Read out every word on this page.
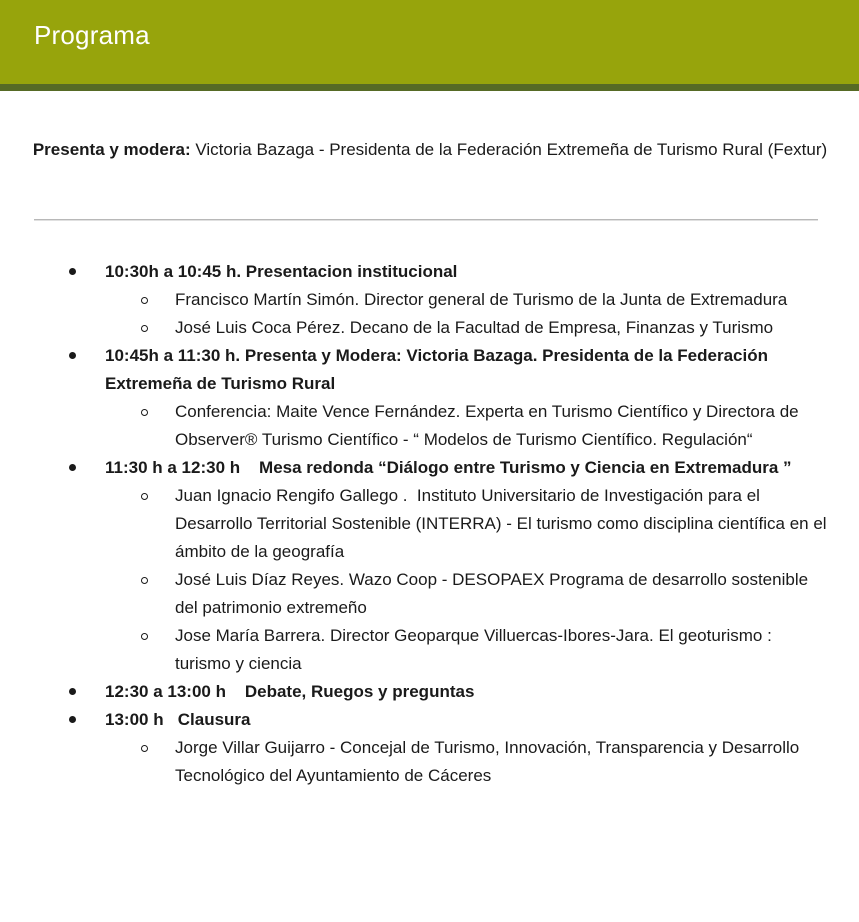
Programa
Presenta y modera: Victoria Bazaga - Presidenta de la Federación Extremeña de Turismo Rural (Fextur)
10:30h a 10:45 h. Presentacion institucional
Francisco Martín Simón. Director general de Turismo de la Junta de Extremadura
José Luis Coca Pérez. Decano de la Facultad de Empresa, Finanzas y Turismo
10:45h a 11:30 h. Presenta y Modera: Victoria Bazaga. Presidenta de la Federación Extremeña de Turismo Rural
Conferencia: Maite Vence Fernández. Experta en Turismo Científico y Directora de Observer® Turismo Científico - “ Modelos de Turismo Científico. Regulación“
11:30 h a 12:30 h    Mesa redonda “Diálogo entre Turismo y Ciencia en Extremadura ”
Juan Ignacio Rengifo Gallego .  Instituto Universitario de Investigación para el Desarrollo Territorial Sostenible (INTERRA) - El turismo como disciplina científica en el ámbito de la geografía
José Luis Díaz Reyes. Wazo Coop - DESOPAEX Programa de desarrollo sostenible del patrimonio extremeño
Jose María Barrera. Director Geoparque Villuercas-Ibores-Jara. El geoturismo : turismo y ciencia
12:30 a 13:00 h    Debate, Ruegos y preguntas
13:00 h   Clausura
Jorge Villar Guijarro - Concejal de Turismo, Innovación, Transparencia y Desarrollo Tecnológico del Ayuntamiento de Cáceres
